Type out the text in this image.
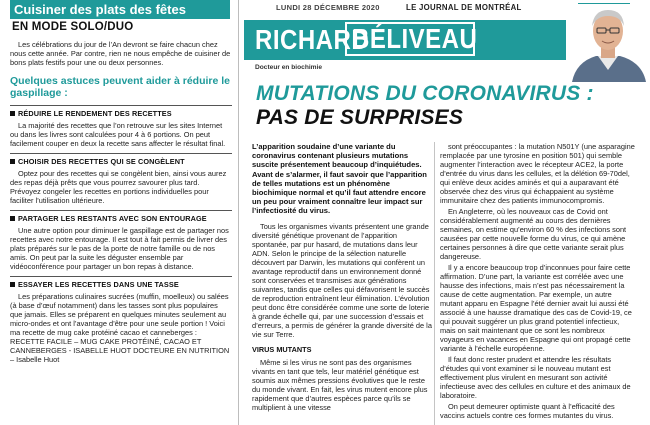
Cuisiner des plats des fêtes
EN MODE SOLO/DUO

Les célébrations du jour de l’An devront se faire chacun chez nous cette année. Par contre, rien ne nous empêche de cuisiner de bons plats festifs pour une ou deux personnes.

Quelques astuces peuvent aider à réduire le gaspillage :

RÉDUIRE LE RENDEMENT DES RECETTES

La majorité des recettes que l’on retrouve sur les sites Internet ou dans les livres sont calculées pour 4 à 6 portions. On peut facilement couper en deux la recette sans affecter le résultat final.

CHOISIR DES RECETTES QUI SE CONGÈLENT

Optez pour des recettes qui se congèlent bien, ainsi vous aurez des repas déjà prêts que vous pourrez savourer plus tard. Prévoyez congeler les recettes en portions individuelles pour faciliter l’utilisation ultérieure.

PARTAGER LES RESTANTS AVEC SON ENTOURAGE

Une autre option pour diminuer le gaspillage est de partager nos recettes avec notre entourage. Il est tout à fait permis de livrer des plats préparés sur le pas de la porte de notre famille ou de nos amis. On peut par la suite les déguster ensemble par vidéoconférence pour partager un bon repas à distance.

ESSAYER LES RECETTES DANS UNE TASSE

Les préparations culinaires sucrées (muffin, moelleux) ou salées (à base d’œuf notamment) dans les tasses sont plus populaires que jamais. Elles se préparent en quelques minutes seulement au micro-ondes et ont l’avantage d’être pour une seule portion ! Voici ma recette de mug cake protéiné cacao et canneberges : RECETTE FACILE – MUG CAKE PROTÉINÉ, CACAO ET CANNEBERGES - ISABELLE HUOT DOCTEURE EN NUTRITION – Isabelle Huot

LUNDI 28 DÉCEMBRE 2020	LE JOURNAL DE MONTRÉAL
RICHARD
BÉLIVEAU
Docteur en biochimie
MUTATIONS DU CORONAVIRUS :
PAS DE SURPRISES

L’apparition soudaine d’une variante du coronavirus contenant plusieurs mutations suscite présentement beaucoup d’inquiétudes. Avant de s’alarmer, il faut savoir que l’apparition de telles mutations est un phénomène biochimique normal et qu’il faut attendre encore un peu pour vraiment connaître leur impact sur l’infectiosité du virus.

Tous les organismes vivants présentent une grande diversité génétique provenant de l’apparition spontanée, par pur hasard, de mutations dans leur ADN. Selon le principe de la sélection naturelle découvert par Darwin, les mutations qui confèrent un avantage reproductif dans un environnement donné sont conservées et transmises aux générations suivantes, tandis que celles qui défavorisent le succès de reproduction entraînent leur élimination. L’évolution peut donc être considérée comme une sorte de loterie à grande échelle qui, par une succession d’essais et d’erreurs, a permis de générer la grande diversité de la vie sur Terre.

VIRUS MUTANTS

Même si les virus ne sont pas des organismes vivants en tant que tels, leur matériel génétique est soumis aux mêmes pressions évolutives que le reste du monde vivant. En fait, les virus mutent encore plus rapidement que d’autres espèces parce qu’ils se multiplient à une vitesse

sont préoccupantes : la mutation N501Y (une asparagine remplacée par une tyrosine en position 501) qui semble augmenter l’interaction avec le récepteur ACE2, la porte d’entrée du virus dans les cellules, et la délétion 69-70del, qui enlève deux acides aminés et qui a auparavant été observée chez des virus qui échappaient au système immunitaire chez des patients immunocompromis.

En Angleterre, où les nouveaux cas de Covid ont considérablement augmenté au cours des dernières semaines, on estime qu’environ 60 % des infections sont causées par cette nouvelle forme du virus, ce qui amène certaines personnes à dire que cette variante serait plus dangereuse.

Il y a encore beaucoup trop d’inconnues pour faire cette affirmation. D’une part, la variante est corrélée avec une hausse des infections, mais n’est pas nécessairement la cause de cette augmentation. Par exemple, un autre mutant apparu en Espagne l’été dernier avait lui aussi été associé à une hausse dramatique des cas de Covid-19, ce qui pouvait suggérer un plus grand potentiel infectieux, mais on sait maintenant que ce sont les nombreux voyageurs en vacances en Espagne qui ont propagé cette variante à l’échelle européenne.

Il faut donc rester prudent et attendre les résultats d’études qui vont examiner si le nouveau mutant est effectivement plus virulent en mesurant son activité infectieuse avec des cellules en culture et des animaux de laboratoire.

On peut demeurer optimiste quant à l’efficacité des vaccins actuels contre ces formes mutantes du virus.
